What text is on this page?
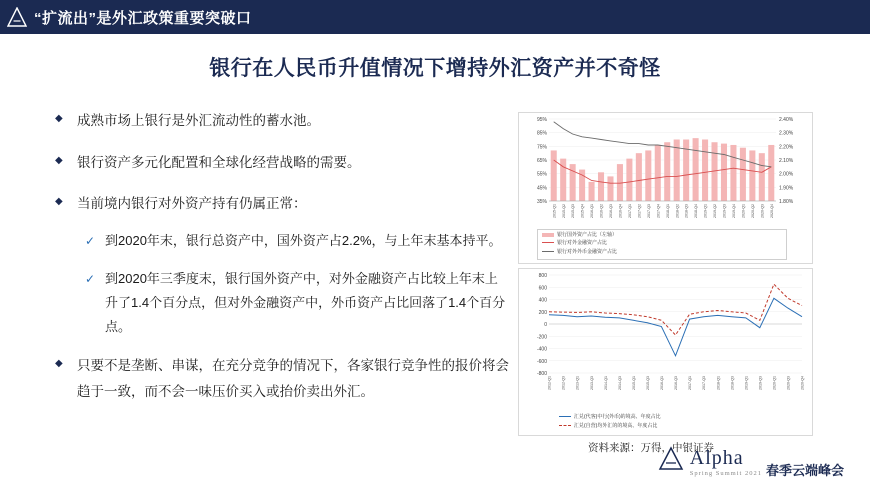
“扩流出”是外汇政策重要突破口
银行在人民币升值情况下增持外汇资产并不奇怪
◆	成熟市场上银行是外汇流动性的蓄水池。
◆	银行资产多元化配置和全球化经营战略的需要。
◆	当前境内银行对外资产持有仍属正常：
✓ 到2020年末，银行总资产中，国外资产占2.2%，与上年末基本持平。
✓ 到2020年三季度末，银行国外资产中，对外金融资产占比较上年末上升了1.4个百分点，但对外金融资产中，外币资产占比回落了1.4个百分点。
◆	只要不是垄断、串谋，在充分竞争的情况下，各家银行竞争性的报价将会趋于一致，而不会一味压价买入或抬价卖出外汇。
95%
85%
75%
65%
55%
45%
35%
2.40%
2.30%
2.20%
2.10%
2.00%
1.90%
1.80%
2015-Q1 2015-Q2 2015-Q3 2015-Q4 2016-Q1 2016-Q2 2016-Q3 2016-Q4 2017-Q1 2017-Q2 2017-Q3 2017-Q4 2018-Q1 2018-Q2 2018-Q3 2018-Q4 2019-Q1 2019-Q2 2019-Q3 2019-Q4 2020-Q1 2020-Q2 2020-Q3 2020-Q4
银行国外资产占比（左轴）
银行对外金融资产占比
银行对外外币金融资产占比
800
600
400
200
0
-200
-400
-600
-800
2012-Q1	2012-Q3	2013-Q1	2013-Q3	2014-Q1	2014-Q3	2015-Q1	2015-Q3	2016-Q1	2016-Q3	2017-Q1	2017-Q3	2018-Q1	2018-Q3	2019-Q1	2019-Q3	2020-Q1	2020-Q3	2020-Q4
汇兑(代客)中行(外币)的境高、年度占比
汇兑(自营)均外汇的的境高、年度占比
资料来源：万得，中银证券
Alpha
Spring Summit 2021 春季云端峰会
